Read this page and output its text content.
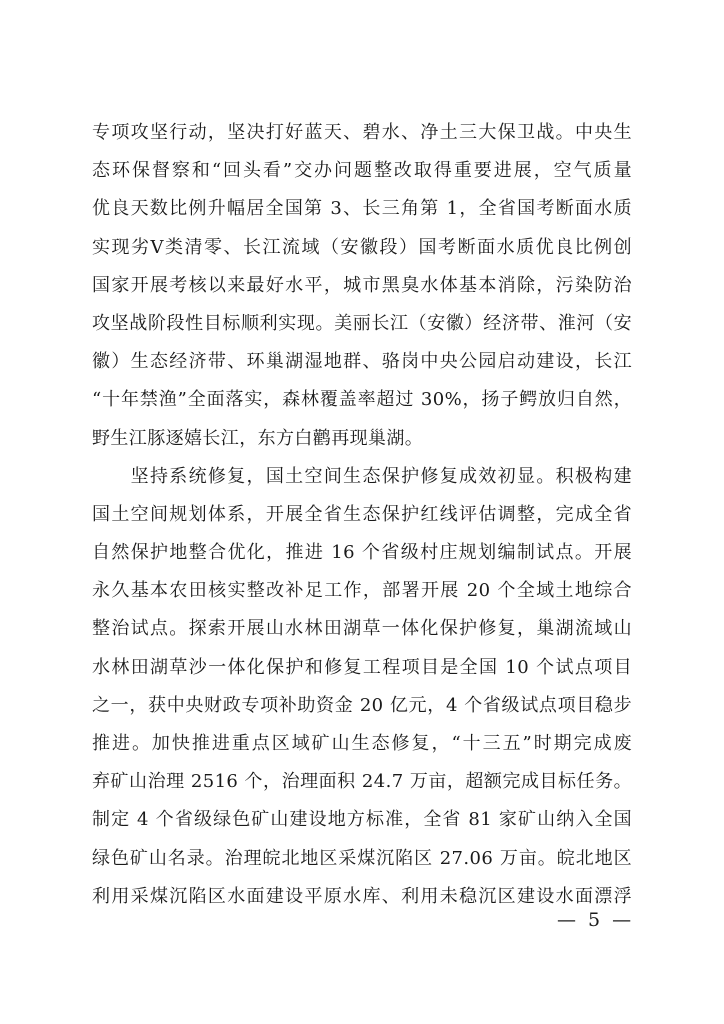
专项攻坚行动，坚决打好蓝天、碧水、净土三大保卫战。中央生
态环保督察和“回头看”交办问题整改取得重要进展，空气质量
优良天数比例升幅居全国第 3、长三角第 1，全省国考断面水质
实现劣Ⅴ类清零、长江流域（安徽段）国考断面水质优良比例创
国家开展考核以来最好水平，城市黑臭水体基本消除，污染防治
攻坚战阶段性目标顺利实现。美丽长江（安徽）经济带、淮河（安
徽）生态经济带、环巢湖湿地群、骆岗中央公园启动建设，长江
“十年禁渔”全面落实，森林覆盖率超过 30%，扬子鳄放归自然，
野生江豚逐嬉长江，东方白鹳再现巢湖。
　　坚持系统修复，国土空间生态保护修复成效初显。积极构建
国土空间规划体系，开展全省生态保护红线评估调整，完成全省
自然保护地整合优化，推进 16 个省级村庄规划编制试点。开展
永久基本农田核实整改补足工作，部署开展 20 个全域土地综合
整治试点。探索开展山水林田湖草一体化保护修复，巢湖流域山
水林田湖草沙一体化保护和修复工程项目是全国 10 个试点项目
之一，获中央财政专项补助资金 20 亿元，4 个省级试点项目稳步
推进。加快推进重点区域矿山生态修复，“十三五”时期完成废
弃矿山治理 2516 个，治理面积 24.7 万亩，超额完成目标任务。
制定 4 个省级绿色矿山建设地方标准，全省 81 家矿山纳入全国
绿色矿山名录。治理皖北地区采煤沉陷区 27.06 万亩。皖北地区
利用采煤沉陷区水面建设平原水库、利用未稳沉区建设水面漂浮
— 5 —
